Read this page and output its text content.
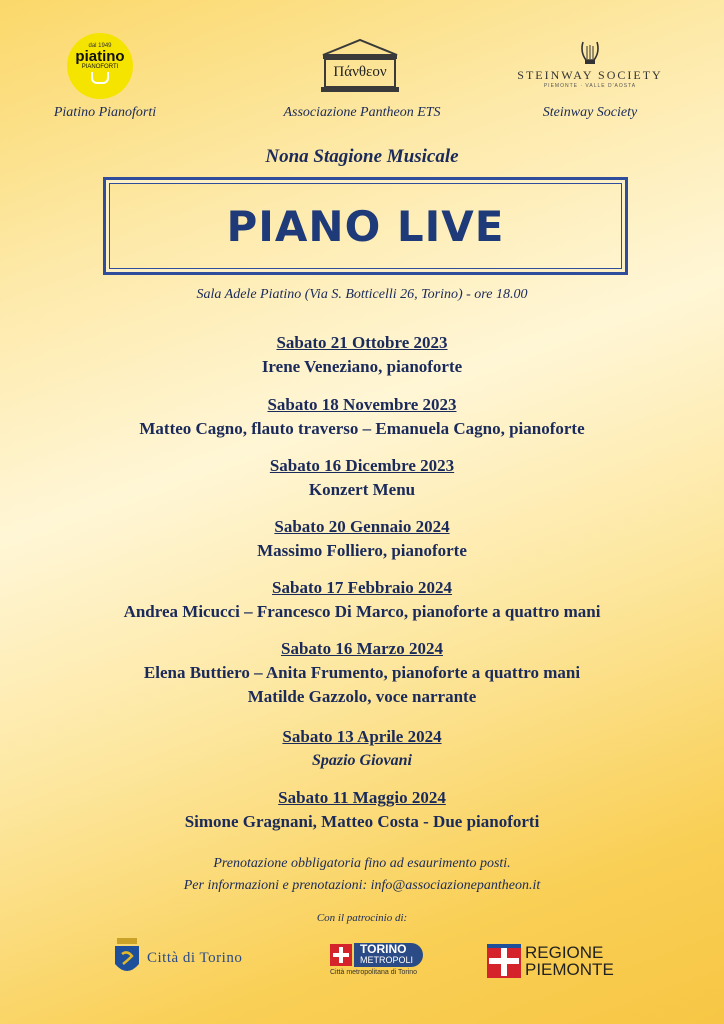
dal 1949
piatino
PIANOFORTI
Piatino Pianoforti
Πάνθεον
Associazione Pantheon ETS
STEINWAY SOCIETY
PIEMONTE · VALLE D'AOSTA
Steinway Society
Nona Stagione Musicale
PIANO LIVE
Sala Adele Piatino (Via S. Botticelli 26, Torino) - ore 18.00
Sabato 21 Ottobre 2023
Irene Veneziano, pianoforte
Sabato 18 Novembre 2023
Matteo Cagno, flauto traverso – Emanuela Cagno, pianoforte
Sabato 16 Dicembre 2023
Konzert Menu
Sabato 20 Gennaio 2024
Massimo Folliero, pianoforte
Sabato 17 Febbraio 2024
Andrea Micucci – Francesco Di Marco, pianoforte a quattro mani
Sabato 16 Marzo 2024
Elena Buttiero – Anita Frumento, pianoforte a quattro mani
Matilde Gazzolo, voce narrante
Sabato 13 Aprile 2024
Spazio Giovani
Sabato 11 Maggio 2024
Simone Gragnani, Matteo Costa - Due pianoforti
Prenotazione obbligatoria fino ad esaurimento posti.
Per informazioni e prenotazioni: info@associazionepantheon.it
Con il patrocinio di:
Città di Torino
TORINO
METROPOLI
Città metropolitana di Torino
REGIONE
PIEMONTE
